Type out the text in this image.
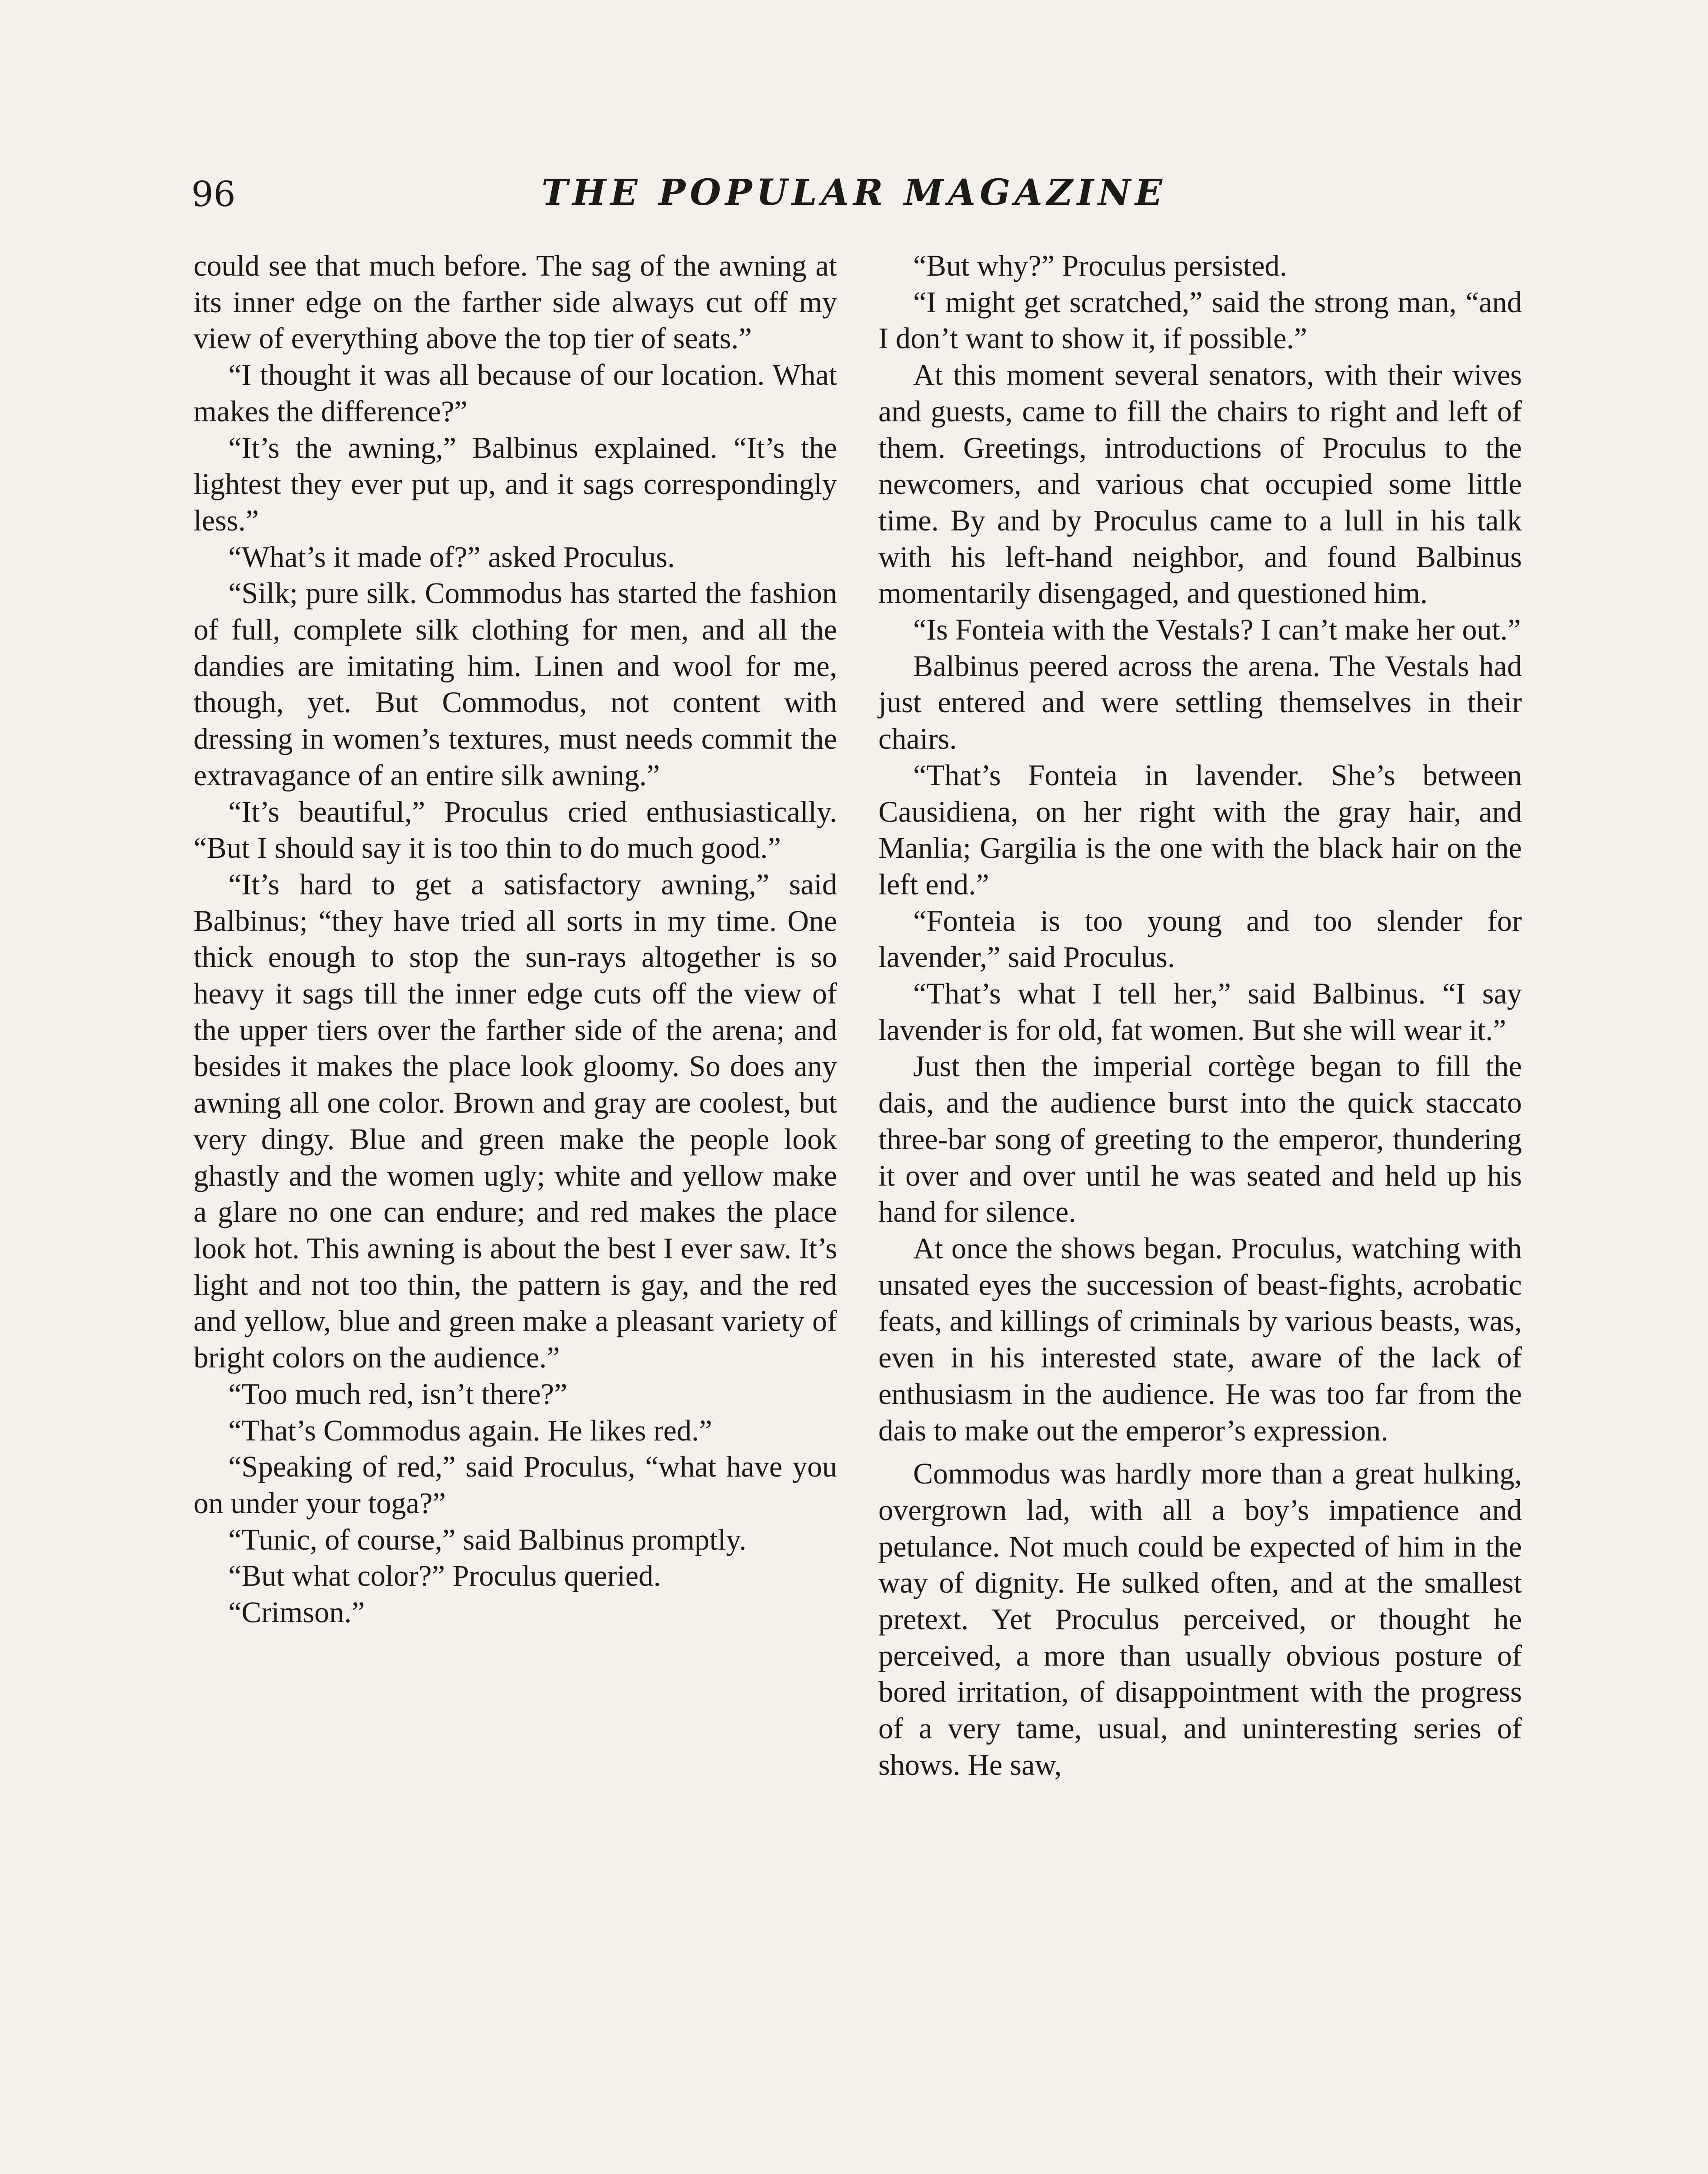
96	THE POPULAR MAGAZINE

could see that much before. The sag of the awning at its inner edge on the farther side always cut off my view of everything above the top tier of seats.”

“I thought it was all because of our location. What makes the difference?”

“It’s the awning,” Balbinus explained. “It’s the lightest they ever put up, and it sags correspondingly less.”

“What’s it made of?” asked Proculus.

“Silk; pure silk. Commodus has started the fashion of full, complete silk clothing for men, and all the dandies are imitating him. Linen and wool for me, though, yet. But Commodus, not content with dressing in women’s textures, must needs commit the extravagance of an entire silk awning.”

“It’s beautiful,” Proculus cried enthusiastically. “But I should say it is too thin to do much good.”

“It’s hard to get a satisfactory awning,” said Balbinus; “they have tried all sorts in my time. One thick enough to stop the sun-rays altogether is so heavy it sags till the inner edge cuts off the view of the upper tiers over the farther side of the arena; and besides it makes the place look gloomy. So does any awning all one color. Brown and gray are coolest, but very dingy. Blue and green make the people look ghastly and the women ugly; white and yellow make a glare no one can endure; and red makes the place look hot. This awning is about the best I ever saw. It’s light and not too thin, the pattern is gay, and the red and yellow, blue and green make a pleasant variety of bright colors on the audience.”

“Too much red, isn’t there?”

“That’s Commodus again. He likes red.”

“Speaking of red,” said Proculus, “what have you on under your toga?”

“Tunic, of course,” said Balbinus promptly.

“But what color?” Proculus queried.

“Crimson.”

“But why?” Proculus persisted.

“I might get scratched,” said the strong man, “and I don’t want to show it, if possible.”

At this moment several senators, with their wives and guests, came to fill the chairs to right and left of them. Greetings, introductions of Proculus to the newcomers, and various chat occupied some little time. By and by Proculus came to a lull in his talk with his left-hand neighbor, and found Balbinus momentarily disengaged, and questioned him.

“Is Fonteia with the Vestals? I can’t make her out.”

Balbinus peered across the arena. The Vestals had just entered and were settling themselves in their chairs.

“That’s Fonteia in lavender. She’s between Causidiena, on her right with the gray hair, and Manlia; Gargilia is the one with the black hair on the left end.”

“Fonteia is too young and too slender for lavender,” said Proculus.

“That’s what I tell her,” said Balbinus. “I say lavender is for old, fat women. But she will wear it.”

Just then the imperial cortège began to fill the dais, and the audience burst into the quick staccato three-bar song of greeting to the emperor, thundering it over and over until he was seated and held up his hand for silence.

At once the shows began. Proculus, watching with unsated eyes the succession of beast-fights, acrobatic feats, and killings of criminals by various beasts, was, even in his interested state, aware of the lack of enthusiasm in the audience. He was too far from the dais to make out the emperor’s expression.

Commodus was hardly more than a great hulking, overgrown lad, with all a boy’s impatience and petulance. Not much could be expected of him in the way of dignity. He sulked often, and at the smallest pretext. Yet Proculus perceived, or thought he perceived, a more than usually obvious posture of bored irritation, of disappointment with the progress of a very tame, usual, and uninteresting series of shows. He saw,
